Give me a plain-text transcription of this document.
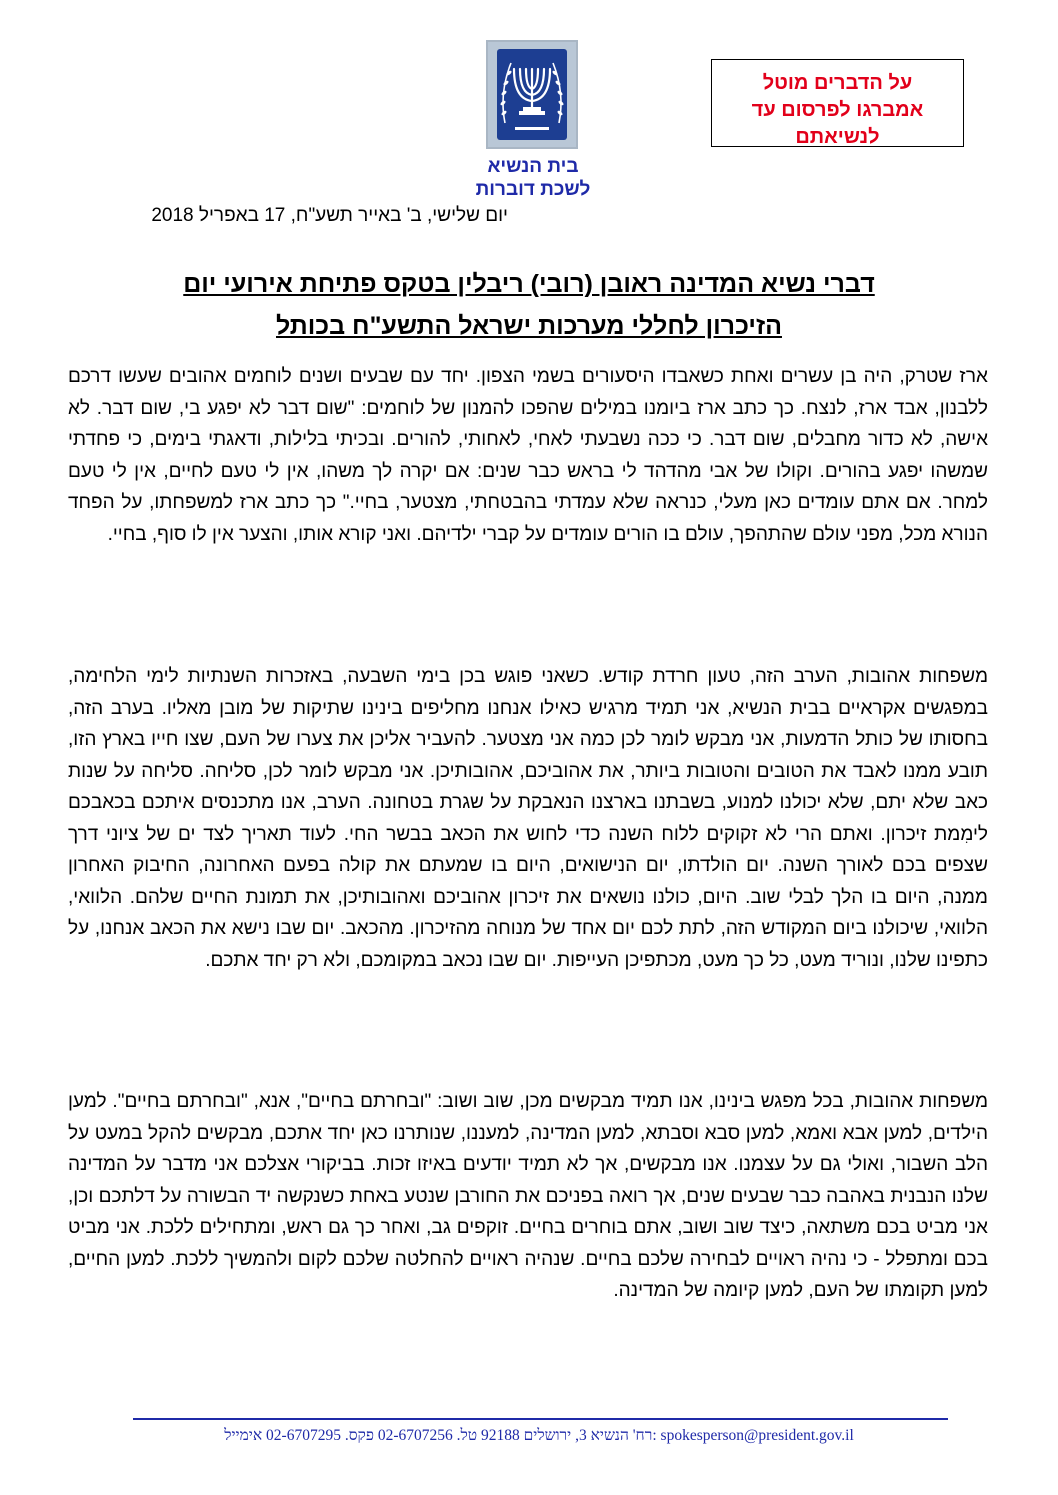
על הדברים מוטל
אמברגו לפרסום עד
לנשיאתם
בית הנשיא
לשכת דוברות
יום שלישי, ב' באייר תשע"ח, 17 באפריל 2018
דברי נשיא המדינה ראובן (רובי) ריבלין בטקס פתיחת אירועי יום
הזיכרון לחללי מערכות ישראל התשע"ח בכותל

ארז שטרק, היה בן עשרים ואחת כשאבדו היסעורים בשמי הצפון. יחד עם שבעים ושנים לוחמים אהובים שעשו דרכם ללבנון, אבד ארז, לנצח. כך כתב ארז ביומנו במילים שהפכו להמנון של לוחמים: "שום דבר לא יפגע בי, שום דבר. לא אישה, לא כדור מחבלים, שום דבר. כי ככה נשבעתי לאחי, לאחותי, להורים. ובכיתי בלילות, ודאגתי בימים, כי פחדתי שמשהו יפגע בהורים. וקולו של אבי מהדהד לי בראש כבר שנים: אם יקרה לך משהו, אין לי טעם לחיים, אין לי טעם למחר. אם אתם עומדים כאן מעלי, כנראה שלא עמדתי בהבטחתי, מצטער, בחיי." כך כתב ארז למשפחתו, על הפחד הנורא מכל, מפני עולם שהתהפך, עולם בו הורים עומדים על קברי ילדיהם. ואני קורא אותו, והצער אין לו סוף, בחיי.

משפחות אהובות, הערב הזה, טעון חרדת קודש. כשאני פוגש בכן בימי השבעה, באזכרות השנתיות לימי הלחימה, במפגשים אקראיים בבית הנשיא, אני תמיד מרגיש כאילו אנחנו מחליפים בינינו שתיקות של מובן מאליו. בערב הזה, בחסותו של כותל הדמעות, אני מבקש לומר לכן כמה אני מצטער. להעביר אליכן את צערו של העם, שצו חייו בארץ הזו, תובע ממנו לאבד את הטובים והטובות ביותר, את אהוביכם, אהובותיכן. אני מבקש לומר לכן, סליחה. סליחה על שנות כאב שלא יתם, שלא יכולנו למנוע, בשבתנו בארצנו הנאבקת על שגרת בטחונה. הערב, אנו מתכנסים איתכם בכאבכם לימִמת זיכרון. ואתם הרי לא זקוקים ללוח השנה כדי לחוש את הכאב בבשר החי. לעוד תאריך לצד ים של ציוני דרך שצפים בכם לאורך השנה. יום הולדתו, יום הנישואים, היום בו שמעתם את קולה בפעם האחרונה, החיבוק האחרון ממנה, היום בו הלך לבלי שוב. היום, כולנו נושאים את זיכרון אהוביכם ואהובותיכן, את תמונת החיים שלהם. הלוואי, הלוואי, שיכולנו ביום המקודש הזה, לתת לכם יום אחד של מנוחה מהזיכרון. מהכאב. יום שבו נישא את הכאב אנחנו, על כתפינו שלנו, ונוריד מעט, כל כך מעט, מכתפיכן העייפות. יום שבו נכאב במקומכם, ולא רק יחד אתכם.

משפחות אהובות, בכל מפגש בינינו, אנו תמיד מבקשים מכן, שוב ושוב: "ובחרתם בחיים", אנא, "ובחרתם בחיים". למען הילדים, למען אבא ואמא, למען סבא וסבתא, למען המדינה, למעננו, שנותרנו כאן יחד אתכם, מבקשים להקל במעט על הלב השבור, ואולי גם על עצמנו. אנו מבקשים, אך לא תמיד יודעים באיזו זכות. בביקורי אצלכם אני מדבר על המדינה שלנו הנבנית באהבה כבר שבעים שנים, אך רואה בפניכם את החורבן שנטע באחת כשנקשה יד הבשורה על דלתכם וכן, אני מביט בכם משתאה, כיצד שוב ושוב, אתם בוחרים בחיים. זוקפים גב, ואחר כך גם ראש, ומתחילים ללכת. אני מביט בכם ומתפלל - כי נהיה ראויים לבחירה שלכם בחיים. שנהיה ראויים להחלטה שלכם לקום ולהמשיך ללכת. למען החיים, למען תקומתו של העם, למען קיומה של המדינה.

רח' הנשיא 3, ירושלים 92188 טל. 02-6707256 פקס. 02-6707295 אימייל: spokesperson@president.gov.il
